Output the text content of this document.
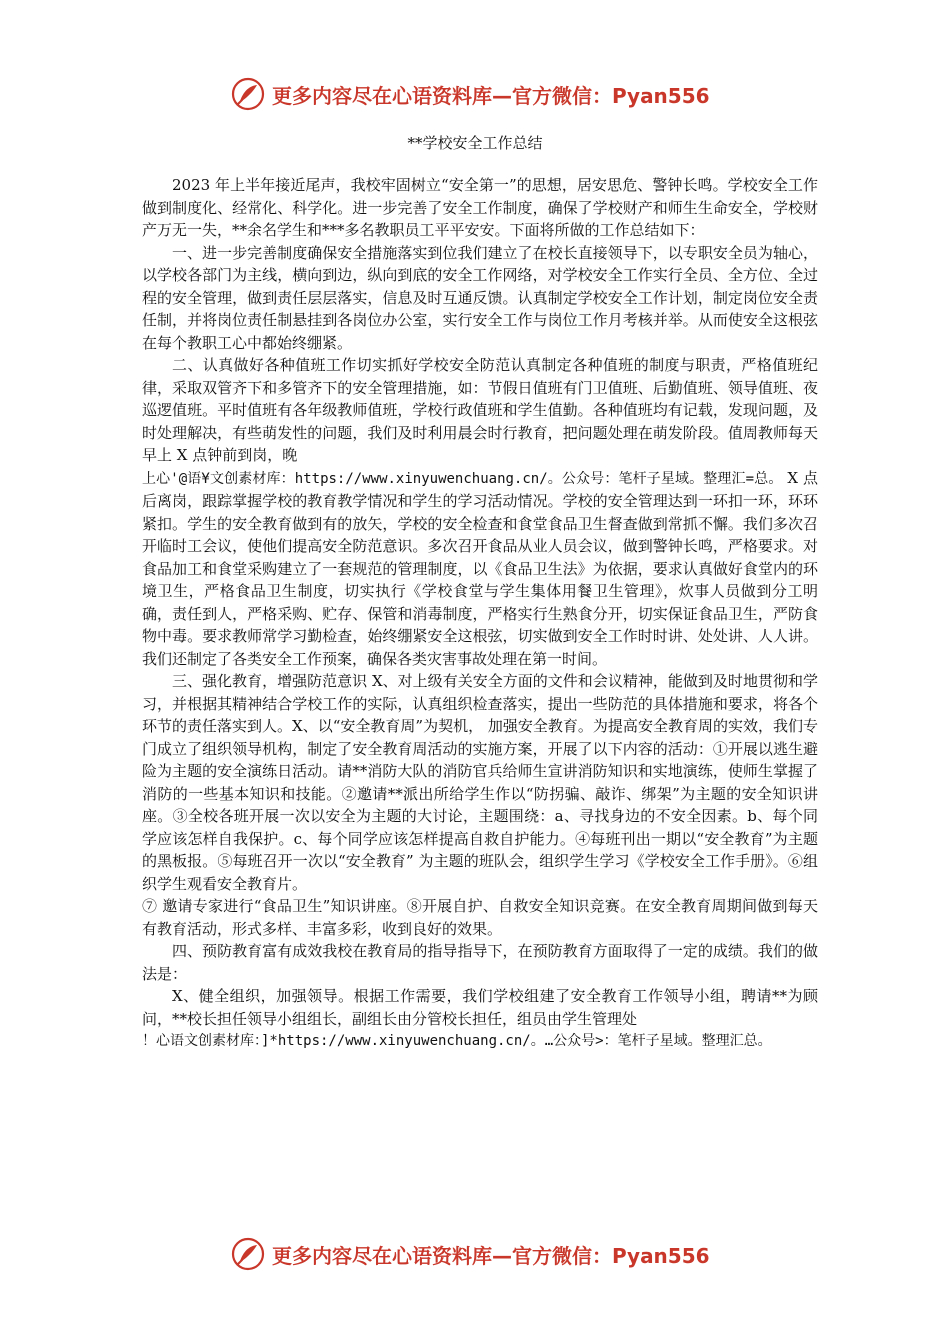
更多内容尽在心语资料库—官方微信：Pyan556
**学校安全工作总结

2023 年上半年接近尾声，我校牢固树立“安全第一”的思想，居安思危、警钟长鸣。学校安全工作做到制度化、经常化、科学化。进一步完善了安全工作制度，确保了学校财产和师生生命安全，学校财产万无一失，**余名学生和***多名教职员工平平安安。下面将所做的工作总结如下：

一、进一步完善制度确保安全措施落实到位我们建立了在校长直接领导下，以专职安全员为轴心，以学校各部门为主线，横向到边，纵向到底的安全工作网络，对学校安全工作实行全员、全方位、全过程的安全管理，做到责任层层落实，信息及时互通反馈。认真制定学校安全工作计划，制定岗位安全责任制，并将岗位责任制悬挂到各岗位办公室，实行安全工作与岗位工作月考核并举。从而使安全这根弦在每个教职工心中都始终绷紧。

二、认真做好各种值班工作切实抓好学校安全防范认真制定各种值班的制度与职责，严格值班纪律，采取双管齐下和多管齐下的安全管理措施，如：节假日值班有门卫值班、后勤值班、领导值班、夜巡逻值班。平时值班有各年级教师值班，学校行政值班和学生值勤。各种值班均有记载，发现问题，及时处理解决，有些萌发性的问题，我们及时利用晨会时行教育，把问题处理在萌发阶段。值周教师每天早上 X 点钟前到岗，晚

上心'@语¥文创素材库：https://www.xinyuwenchuang.cn/。公众号：笔杆子星域。整理汇=总。 X 点后离岗，跟踪掌握学校的教育教学情况和学生的学习活动情况。学校的安全管理达到一环扣一环，环环紧扣。学生的安全教育做到有的放矢，学校的安全检查和食堂食品卫生督查做到常抓不懈。我们多次召开临时工会议，使他们提高安全防范意识。多次召开食品从业人员会议，做到警钟长鸣，严格要求。对食品加工和食堂采购建立了一套规范的管理制度，以《食品卫生法》为依据，要求认真做好食堂内的环境卫生，严格食品卫生制度，切实执行《学校食堂与学生集体用餐卫生管理》，炊事人员做到分工明确，责任到人，严格采购、贮存、保管和消毒制度，严格实行生熟食分开，切实保证食品卫生，严防食物中毒。要求教师常学习勤检查，始终绷紧安全这根弦，切实做到安全工作时时讲、处处讲、人人讲。我们还制定了各类安全工作预案，确保各类灾害事故处理在第一时间。

三、强化教育，增强防范意识 X、对上级有关安全方面的文件和会议精神，能做到及时地贯彻和学习，并根据其精神结合学校工作的实际，认真组织检查落实，提出一些防范的具体措施和要求，将各个环节的责任落实到人。X、以“安全教育周”为契机， 加强安全教育。为提高安全教育周的实效，我们专门成立了组织领导机构，制定了安全教育周活动的实施方案，开展了以下内容的活动：①开展以逃生避险为主题的安全演练日活动。请**消防大队的消防官兵给师生宣讲消防知识和实地演练，使师生掌握了消防的一些基本知识和技能。②邀请**派出所给学生作以“防拐骗、敲诈、绑架”为主题的安全知识讲座。③全校各班开展一次以安全为主题的大讨论，主题围绕：a、寻找身边的不安全因素。b、每个同学应该怎样自我保护。c、每个同学应该怎样提高自救自护能力。④每班刊出一期以“安全教育”为主题的黑板报。⑤每班召开一次以“安全教育” 为主题的班队会，组织学生学习《学校安全工作手册》。⑥组织学生观看安全教育片。

⑦ 邀请专家进行“食品卫生”知识讲座。⑧开展自护、自救安全知识竞赛。在安全教育周期间做到每天有教育活动，形式多样、丰富多彩，收到良好的效果。

四、预防教育富有成效我校在教育局的指导指导下，在预防教育方面取得了一定的成绩。我们的做法是：

X、健全组织，加强领导。根据工作需要，我们学校组建了安全教育工作领导小组，聘请**为顾问，**校长担任领导小组组长，副组长由分管校长担任，组员由学生管理处

！心语文创素材库：]*https://www.xinyuwenchuang.cn/。…公众号>：笔杆子星域。整理汇总。

更多内容尽在心语资料库—官方微信：Pyan556
